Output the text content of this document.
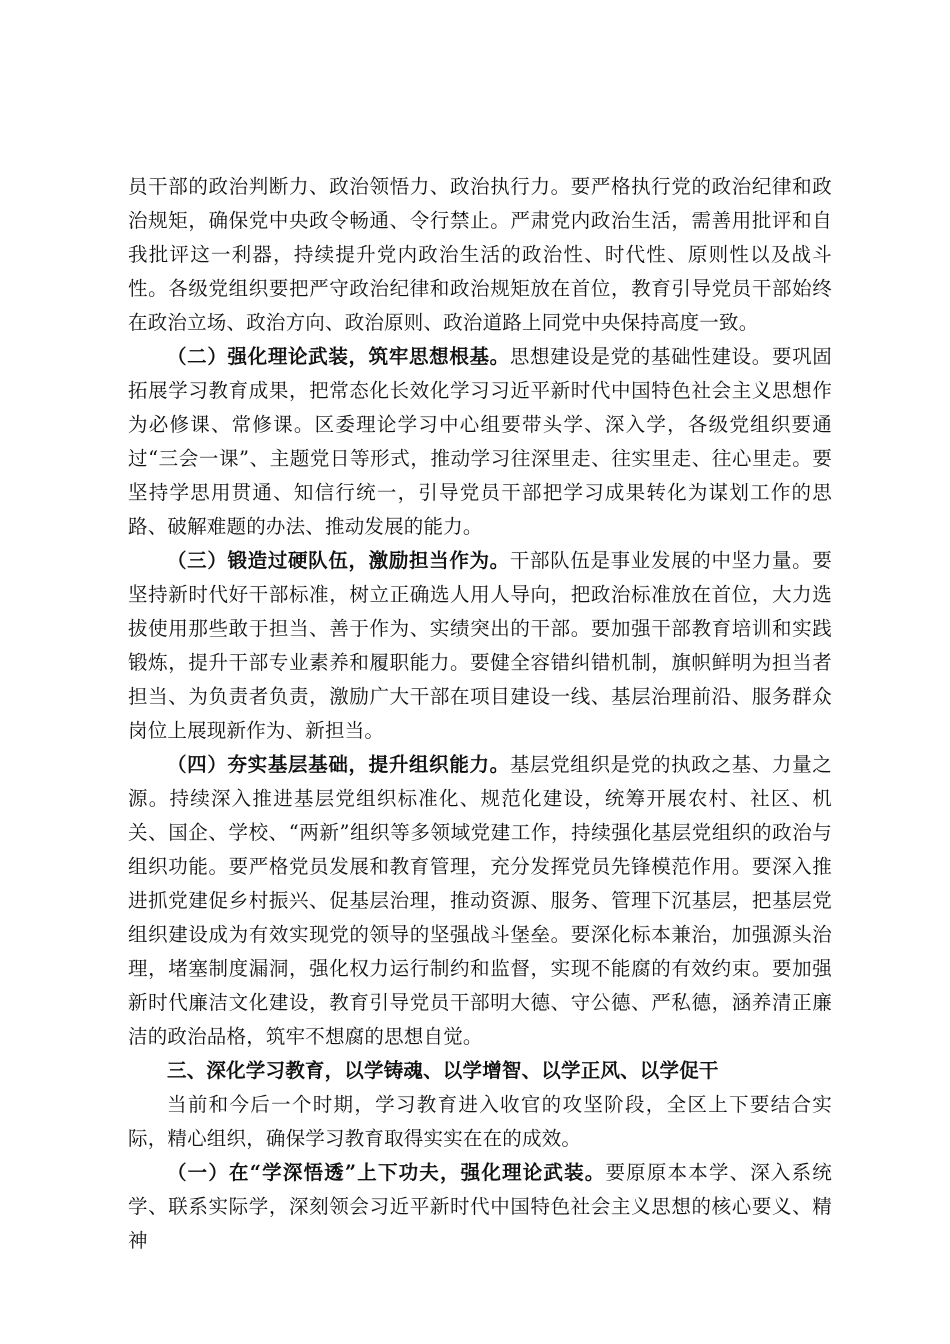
员干部的政治判断力、政治领悟力、政治执行力。要严格执行党的政治纪律和政治规矩，确保党中央政令畅通、令行禁止。严肃党内政治生活，需善用批评和自我批评这一利器，持续提升党内政治生活的政治性、时代性、原则性以及战斗性。各级党组织要把严守政治纪律和政治规矩放在首位，教育引导党员干部始终在政治立场、政治方向、政治原则、政治道路上同党中央保持高度一致。

（二）强化理论武装，筑牢思想根基。思想建设是党的基础性建设。要巩固拓展学习教育成果，把常态化长效化学习习近平新时代中国特色社会主义思想作为必修课、常修课。区委理论学习中心组要带头学、深入学，各级党组织要通过“三会一课”、主题党日等形式，推动学习往深里走、往实里走、往心里走。要坚持学思用贯通、知信行统一，引导党员干部把学习成果转化为谋划工作的思路、破解难题的办法、推动发展的能力。

（三）锻造过硬队伍，激励担当作为。干部队伍是事业发展的中坚力量。要坚持新时代好干部标准，树立正确选人用人导向，把政治标准放在首位，大力选拔使用那些敢于担当、善于作为、实绩突出的干部。要加强干部教育培训和实践锻炼，提升干部专业素养和履职能力。要健全容错纠错机制，旗帜鲜明为担当者担当、为负责者负责，激励广大干部在项目建设一线、基层治理前沿、服务群众岗位上展现新作为、新担当。

（四）夯实基层基础，提升组织能力。基层党组织是党的执政之基、力量之源。持续深入推进基层党组织标准化、规范化建设，统筹开展农村、社区、机关、国企、学校、“两新”组织等多领域党建工作，持续强化基层党组织的政治与组织功能。要严格党员发展和教育管理，充分发挥党员先锋模范作用。要深入推进抓党建促乡村振兴、促基层治理，推动资源、服务、管理下沉基层，把基层党组织建设成为有效实现党的领导的坚强战斗堡垒。要深化标本兼治，加强源头治理，堵塞制度漏洞，强化权力运行制约和监督，实现不能腐的有效约束。要加强新时代廉洁文化建设，教育引导党员干部明大德、守公德、严私德，涵养清正廉洁的政治品格，筑牢不想腐的思想自觉。

三、深化学习教育，以学铸魂、以学增智、以学正风、以学促干

当前和今后一个时期，学习教育进入收官的攻坚阶段，全区上下要结合实际，精心组织，确保学习教育取得实实在在的成效。

（一）在“学深悟透”上下功夫，强化理论武装。要原原本本学、深入系统学、联系实际学，深刻领会习近平新时代中国特色社会主义思想的核心要义、精神
